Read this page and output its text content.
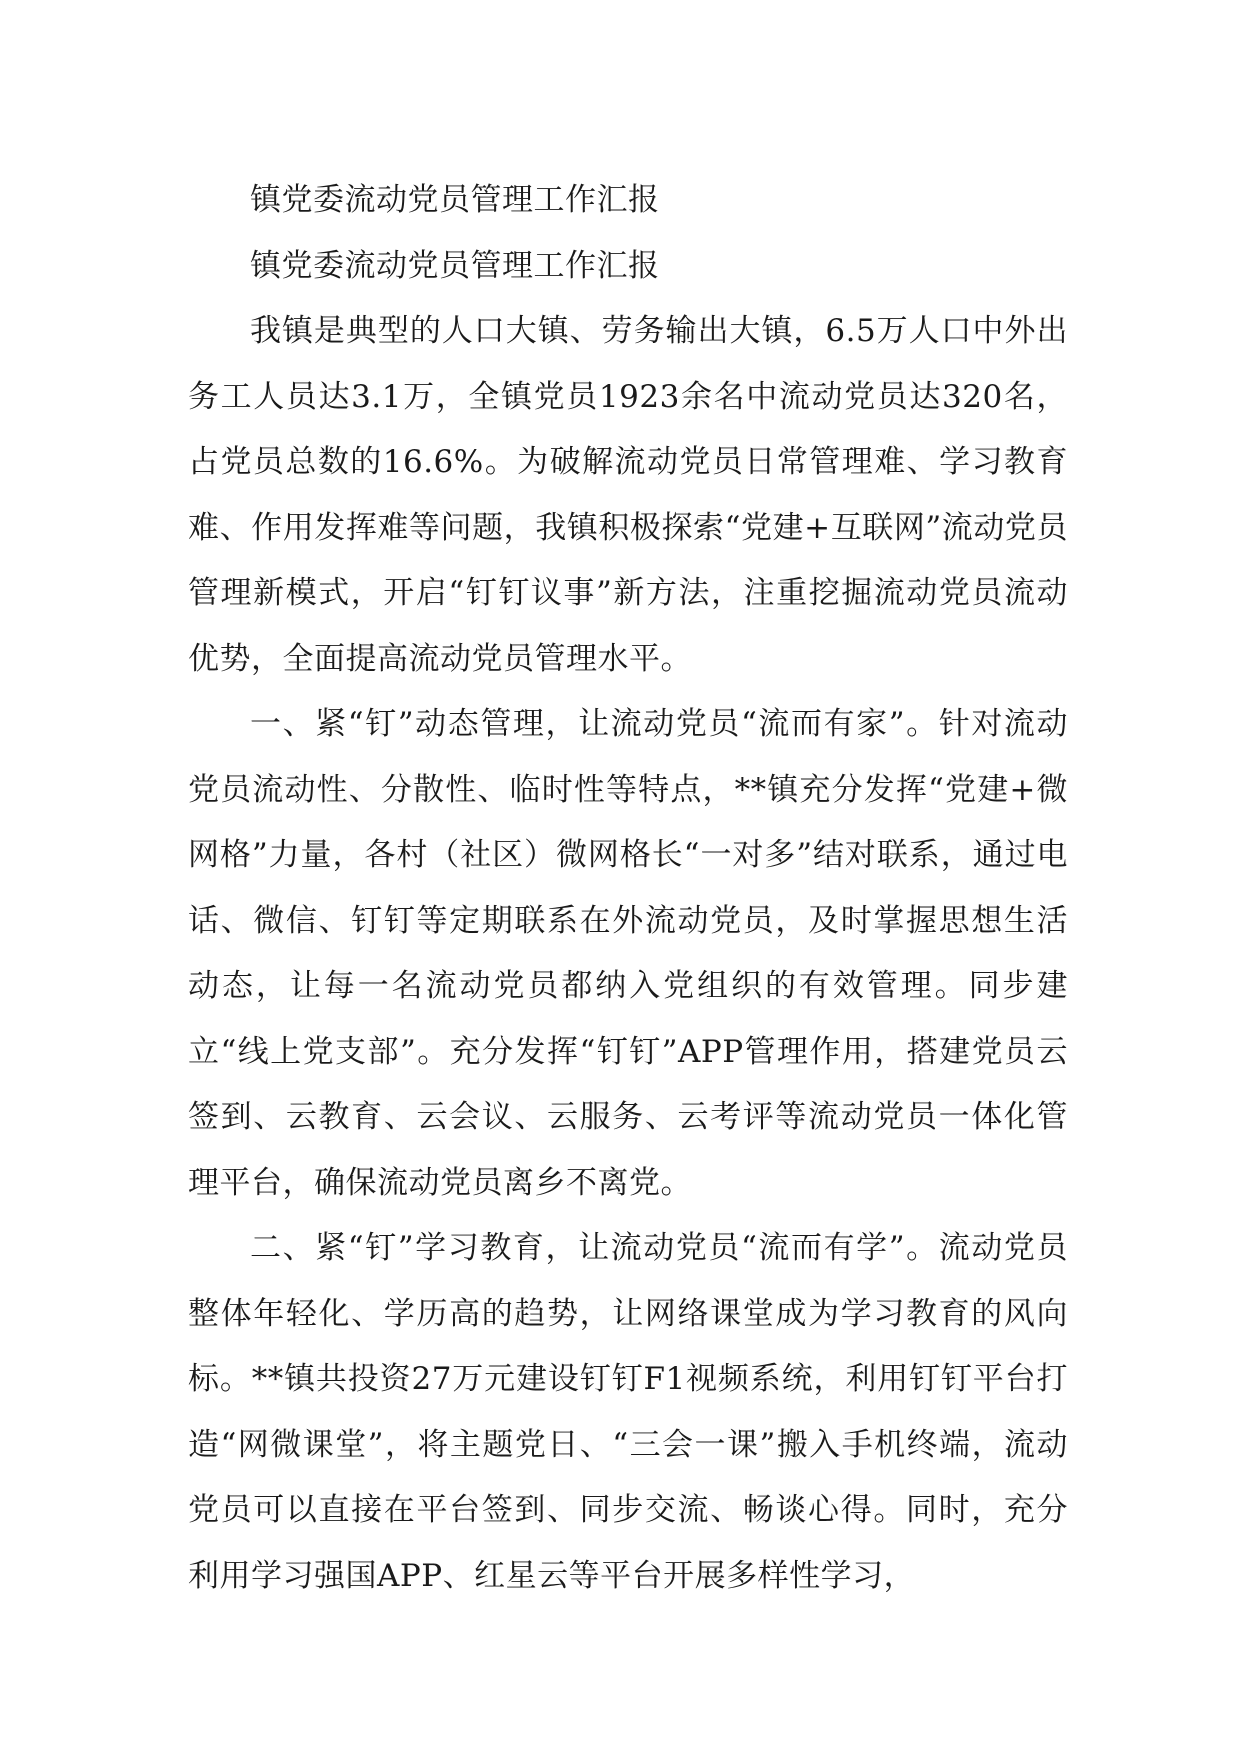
镇党委流动党员管理工作汇报

镇党委流动党员管理工作汇报

我镇是典型的人口大镇、劳务输出大镇，6.5万人口中外出务工人员达3.1万，全镇党员1923余名中流动党员达320名，占党员总数的16.6%。为破解流动党员日常管理难、学习教育难、作用发挥难等问题，我镇积极探索“党建+互联网”流动党员管理新模式，开启“钉钉议事”新方法，注重挖掘流动党员流动优势，全面提高流动党员管理水平。

一、紧“钉”动态管理，让流动党员“流而有家”。针对流动党员流动性、分散性、临时性等特点，**镇充分发挥“党建+微网格”力量，各村（社区）微网格长“一对多”结对联系，通过电话、微信、钉钉等定期联系在外流动党员，及时掌握思想生活动态，让每一名流动党员都纳入党组织的有效管理。同步建立“线上党支部”。充分发挥“钉钉”APP管理作用，搭建党员云签到、云教育、云会议、云服务、云考评等流动党员一体化管理平台，确保流动党员离乡不离党。

二、紧“钉”学习教育，让流动党员“流而有学”。流动党员整体年轻化、学历高的趋势，让网络课堂成为学习教育的风向标。**镇共投资27万元建设钉钉F1视频系统，利用钉钉平台打造“网微课堂”，将主题党日、“三会一课”搬入手机终端，流动党员可以直接在平台签到、同步交流、畅谈心得。同时，充分利用学习强国APP、红星云等平台开展多样性学习，
